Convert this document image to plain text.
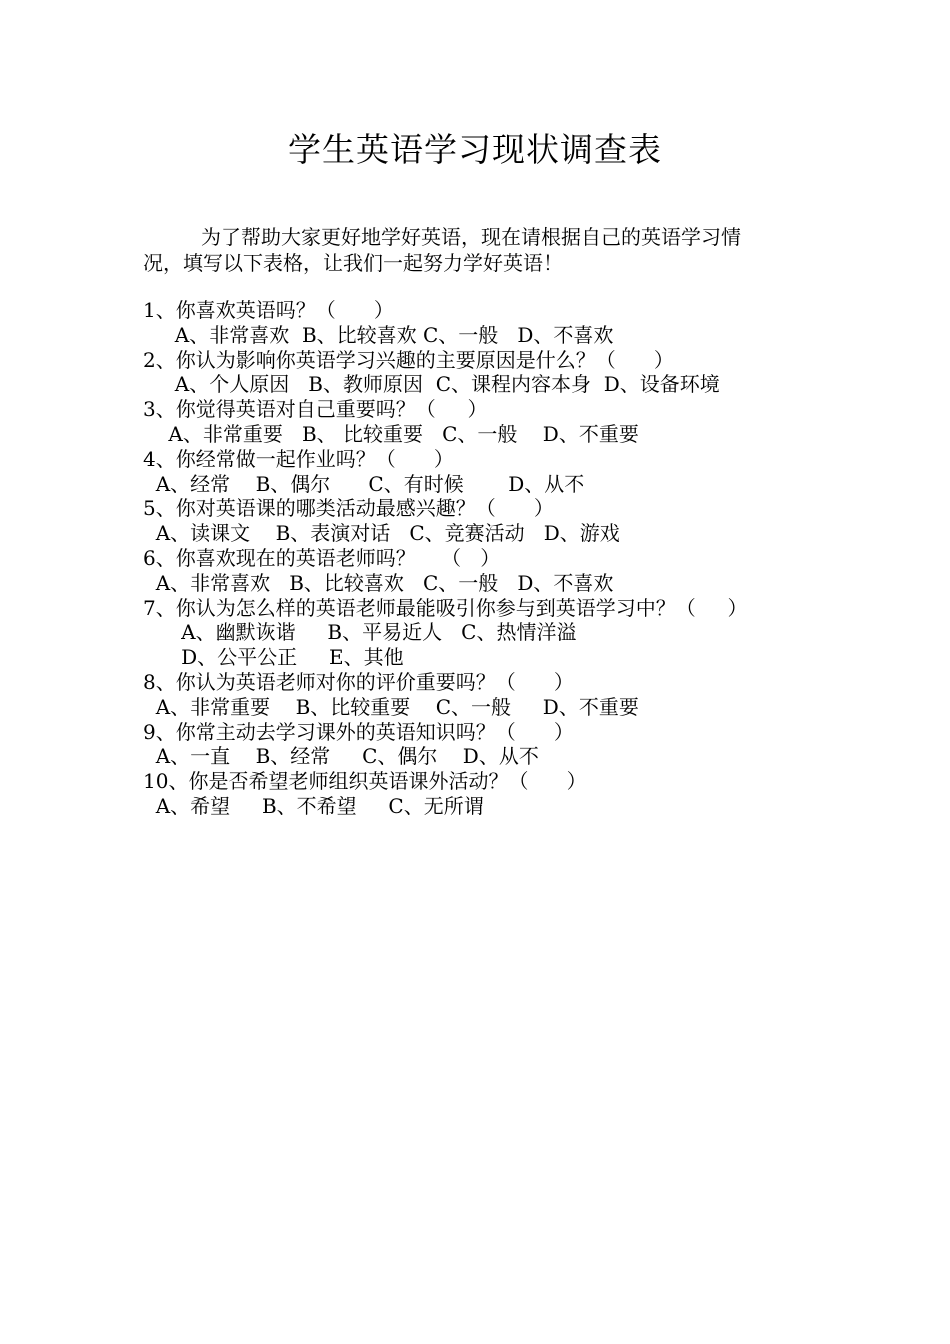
学生英语学习现状调查表
为了帮助大家更好地学好英语，现在请根据自己的英语学习情
况，填写以下表格，让我们一起努力学好英语！
1、你喜欢英语吗？（      ）
A、非常喜欢  B、比较喜欢 C、一般   D、不喜欢
2、你认为影响你英语学习兴趣的主要原因是什么？（      ）
A、个人原因   B、教师原因  C、课程内容本身  D、设备环境
3、你觉得英语对自己重要吗？（     ）
A、非常重要   B、 比较重要   C、一般    D、不重要
4、你经常做一起作业吗？（      ）
A、经常    B、偶尔      C、有时候       D、从不
5、你对英语课的哪类活动最感兴趣？（      ）
A、读课文    B、表演对话   C、竞赛活动   D、游戏
6、你喜欢现在的英语老师吗？    （   ）
A、非常喜欢   B、比较喜欢   C、一般   D、不喜欢
7、你认为怎么样的英语老师最能吸引你参与到英语学习中？（     ）
A、幽默诙谐     B、平易近人   C、热情洋溢
D、公平公正     E、其他
8、你认为英语老师对你的评价重要吗？（      ）
A、非常重要    B、比较重要    C、一般     D、不重要
9、你常主动去学习课外的英语知识吗？（      ）
A、一直    B、经常     C、偶尔    D、从不
10、你是否希望老师组织英语课外活动？（      ）
A、希望     B、不希望     C、无所谓
